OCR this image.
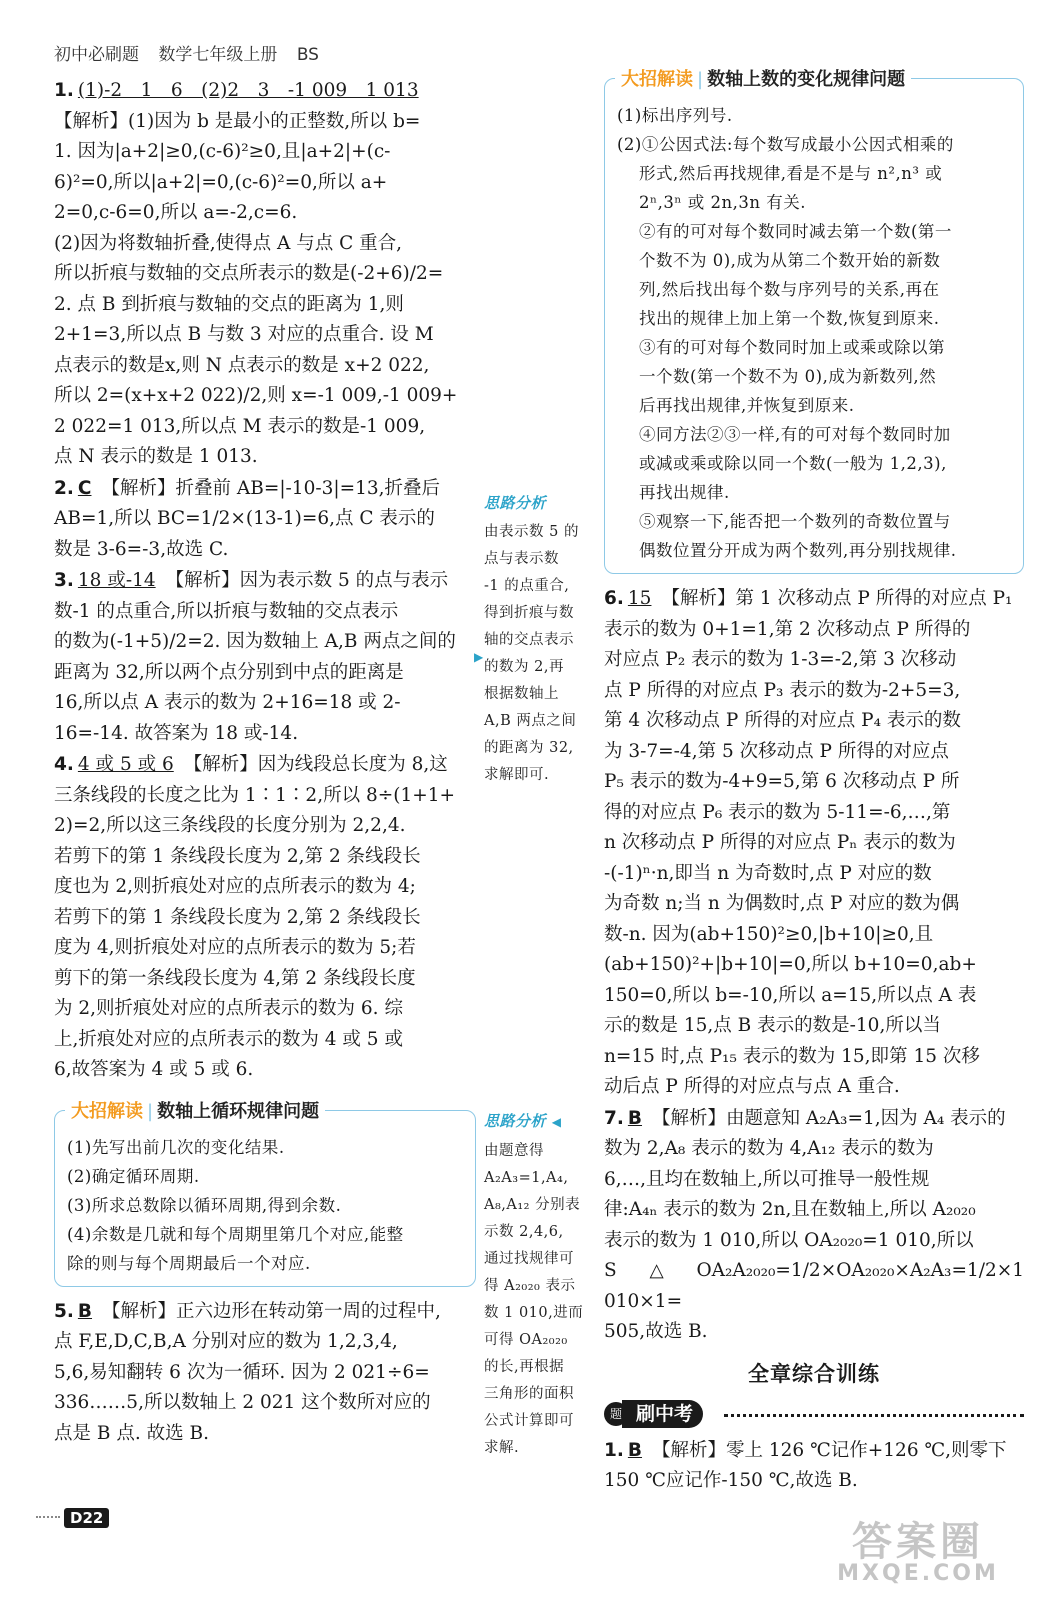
初中必刷题 数学七年级上册 BS

1. (1)-2　1　6　(2)2　3　-1 009　1 013

【解析】(1)因为 b 是最小的正整数,所以 b=

1. 因为|a+2|≥0,(c-6)²≥0,且|a+2|+(c-

6)²=0,所以|a+2|=0,(c-6)²=0,所以 a+

2=0,c-6=0,所以 a=-2,c=6.

(2)因为将数轴折叠,使得点 A 与点 C 重合,

所以折痕与数轴的交点所表示的数是(-2+6)/2=

2. 点 B 到折痕与数轴的交点的距离为 1,则

2+1=3,所以点 B 与数 3 对应的点重合. 设 M

点表示的数是x,则 N 点表示的数是 x+2 022,

所以 2=(x+x+2 022)/2,则 x=-1 009,-1 009+

2 022=1 013,所以点 M 表示的数是-1 009,

点 N 表示的数是 1 013.

2. C 【解析】折叠前 AB=|-10-3|=13,折叠后

AB=1,所以 BC=1/2×(13-1)=6,点 C 表示的

数是 3-6=-3,故选 C.

3. 18 或-14 【解析】因为表示数 5 的点与表示

数-1 的点重合,所以折痕与数轴的交点表示

的数为(-1+5)/2=2. 因为数轴上 A,B 两点之间的

距离为 32,所以两个点分别到中点的距离是

16,所以点 A 表示的数为 2+16=18 或 2-

16=-14. 故答案为 18 或-14.

4. 4 或 5 或 6 【解析】因为线段总长度为 8,这

三条线段的长度之比为 1∶1∶2,所以 8÷(1+1+

2)=2,所以这三条线段的长度分别为 2,2,4.

若剪下的第 1 条线段长度为 2,第 2 条线段长

度也为 2,则折痕处对应的点所表示的数为 4;

若剪下的第 1 条线段长度为 2,第 2 条线段长

度为 4,则折痕处对应的点所表示的数为 5;若

剪下的第一条线段长度为 4,第 2 条线段长度

为 2,则折痕处对应的点所表示的数为 6. 综

上,折痕处对应的点所表示的数为 4 或 5 或

6,故答案为 4 或 5 或 6.

大招解读 | 数轴上循环规律问题

(1)先写出前几次的变化结果.

(2)确定循环周期.

(3)所求总数除以循环周期,得到余数.

(4)余数是几就和每个周期里第几个对应,能整

除的则与每个周期最后一个对应.

5. B 【解析】正六边形在转动第一周的过程中,

点 F,E,D,C,B,A 分别对应的数为 1,2,3,4,

5,6,易知翻转 6 次为一循环. 因为 2 021÷6=

336……5,所以数轴上 2 021 这个数所对应的

点是 B 点. 故选 B.

思路分析
由表示数 5 的
点与表示数
-1 的点重合,
得到折痕与数
轴的交点表示
的数为 2,再
根据数轴上
A,B 两点之间
的距离为 32,
求解即可.
▶
思路分析 ◀
由题意得
A₂A₃=1,A₄,
A₈,A₁₂ 分别表
示数 2,4,6,
通过找规律可
得 A₂₀₂₀ 表示
数 1 010,进而
可得 OA₂₀₂₀
的长,再根据
三角形的面积
公式计算即可
求解.
大招解读 | 数轴上数的变化规律问题

(1)标出序列号.

(2)①公因式法:每个数写成最小公因式相乘的

形式,然后再找规律,看是不是与 n²,n³ 或

2ⁿ,3ⁿ 或 2n,3n 有关.

②有的可对每个数同时减去第一个数(第一

个数不为 0),成为从第二个数开始的新数

列,然后找出每个数与序列号的关系,再在

找出的规律上加上第一个数,恢复到原来.

③有的可对每个数同时加上或乘或除以第

一个数(第一个数不为 0),成为新数列,然

后再找出规律,并恢复到原来.

④同方法②③一样,有的可对每个数同时加

或减或乘或除以同一个数(一般为 1,2,3),

再找出规律.

⑤观察一下,能否把一个数列的奇数位置与

偶数位置分开成为两个数列,再分别找规律.

6. 15 【解析】第 1 次移动点 P 所得的对应点 P₁

表示的数为 0+1=1,第 2 次移动点 P 所得的

对应点 P₂ 表示的数为 1-3=-2,第 3 次移动

点 P 所得的对应点 P₃ 表示的数为-2+5=3,

第 4 次移动点 P 所得的对应点 P₄ 表示的数

为 3-7=-4,第 5 次移动点 P 所得的对应点

P₅ 表示的数为-4+9=5,第 6 次移动点 P 所

得的对应点 P₆ 表示的数为 5-11=-6,…,第

n 次移动点 P 所得的对应点 Pₙ 表示的数为

-(-1)ⁿ·n,即当 n 为奇数时,点 P 对应的数

为奇数 n;当 n 为偶数时,点 P 对应的数为偶

数-n. 因为(ab+150)²≥0,|b+10|≥0,且

(ab+150)²+|b+10|=0,所以 b+10=0,ab+

150=0,所以 b=-10,所以 a=15,所以点 A 表

示的数是 15,点 B 表示的数是-10,所以当

n=15 时,点 P₁₅ 表示的数为 15,即第 15 次移

动后点 P 所得的对应点与点 A 重合.

7. B 【解析】由题意知 A₂A₃=1,因为 A₄ 表示的

数为 2,A₈ 表示的数为 4,A₁₂ 表示的数为

6,…,且均在数轴上,所以可推导一般性规

律:A₄ₙ 表示的数为 2n,且在数轴上,所以 A₂₀₂₀

表示的数为 1 010,所以 OA₂₀₂₀=1 010,所以

S△OA₂A₂₀₂₀=1/2×OA₂₀₂₀×A₂A₃=1/2×1 010×1=

505,故选 B.

全章综合训练
刷中考
题

1. B 【解析】零上 126 ℃记作+126 ℃,则零下

150 ℃应记作-150 ℃,故选 B.

D22
答案圈
MXQE.COM
